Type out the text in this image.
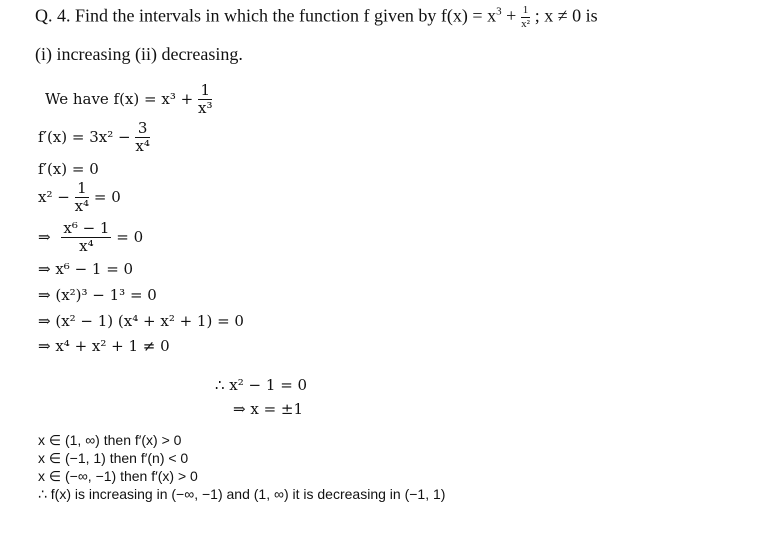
Q. 4. Find the intervals in which the function f given by $f(x) = x^3 + \frac{1}{\text{x²}}$ ; x ≠ 0 is
(i) increasing (ii) decreasing.
We have $f(x) = x^3 + \frac{1}{\text{x³}}$
$f'(x) = 3x^2 - \frac{3}{\text{x⁴}}$
f′(x) = 0
$x^2 - \frac{1}{\text{x⁴}} = 0$
⇒ $\frac{\text{x⁶ − 1}}{\text{x⁴}} = 0$
⇒ x⁶ − 1 = 0
⇒ (x²)³ − 1³ = 0
⇒ (x² − 1) (x⁴ + x² + 1) = 0
⇒ x⁴ + x² + 1 ≠ 0
∴ x² − 1 = 0
⇒ x = ±1
x ∈ (1, ∞) then f′(x) > 0
x ∈ (−1, 1) then f′(n) < 0
x ∈ (−∞, −1) then f′(x) > 0
∴ f(x) is increasing in (−∞, −1) and (1, ∞) it is decreasing in (−1, 1)
